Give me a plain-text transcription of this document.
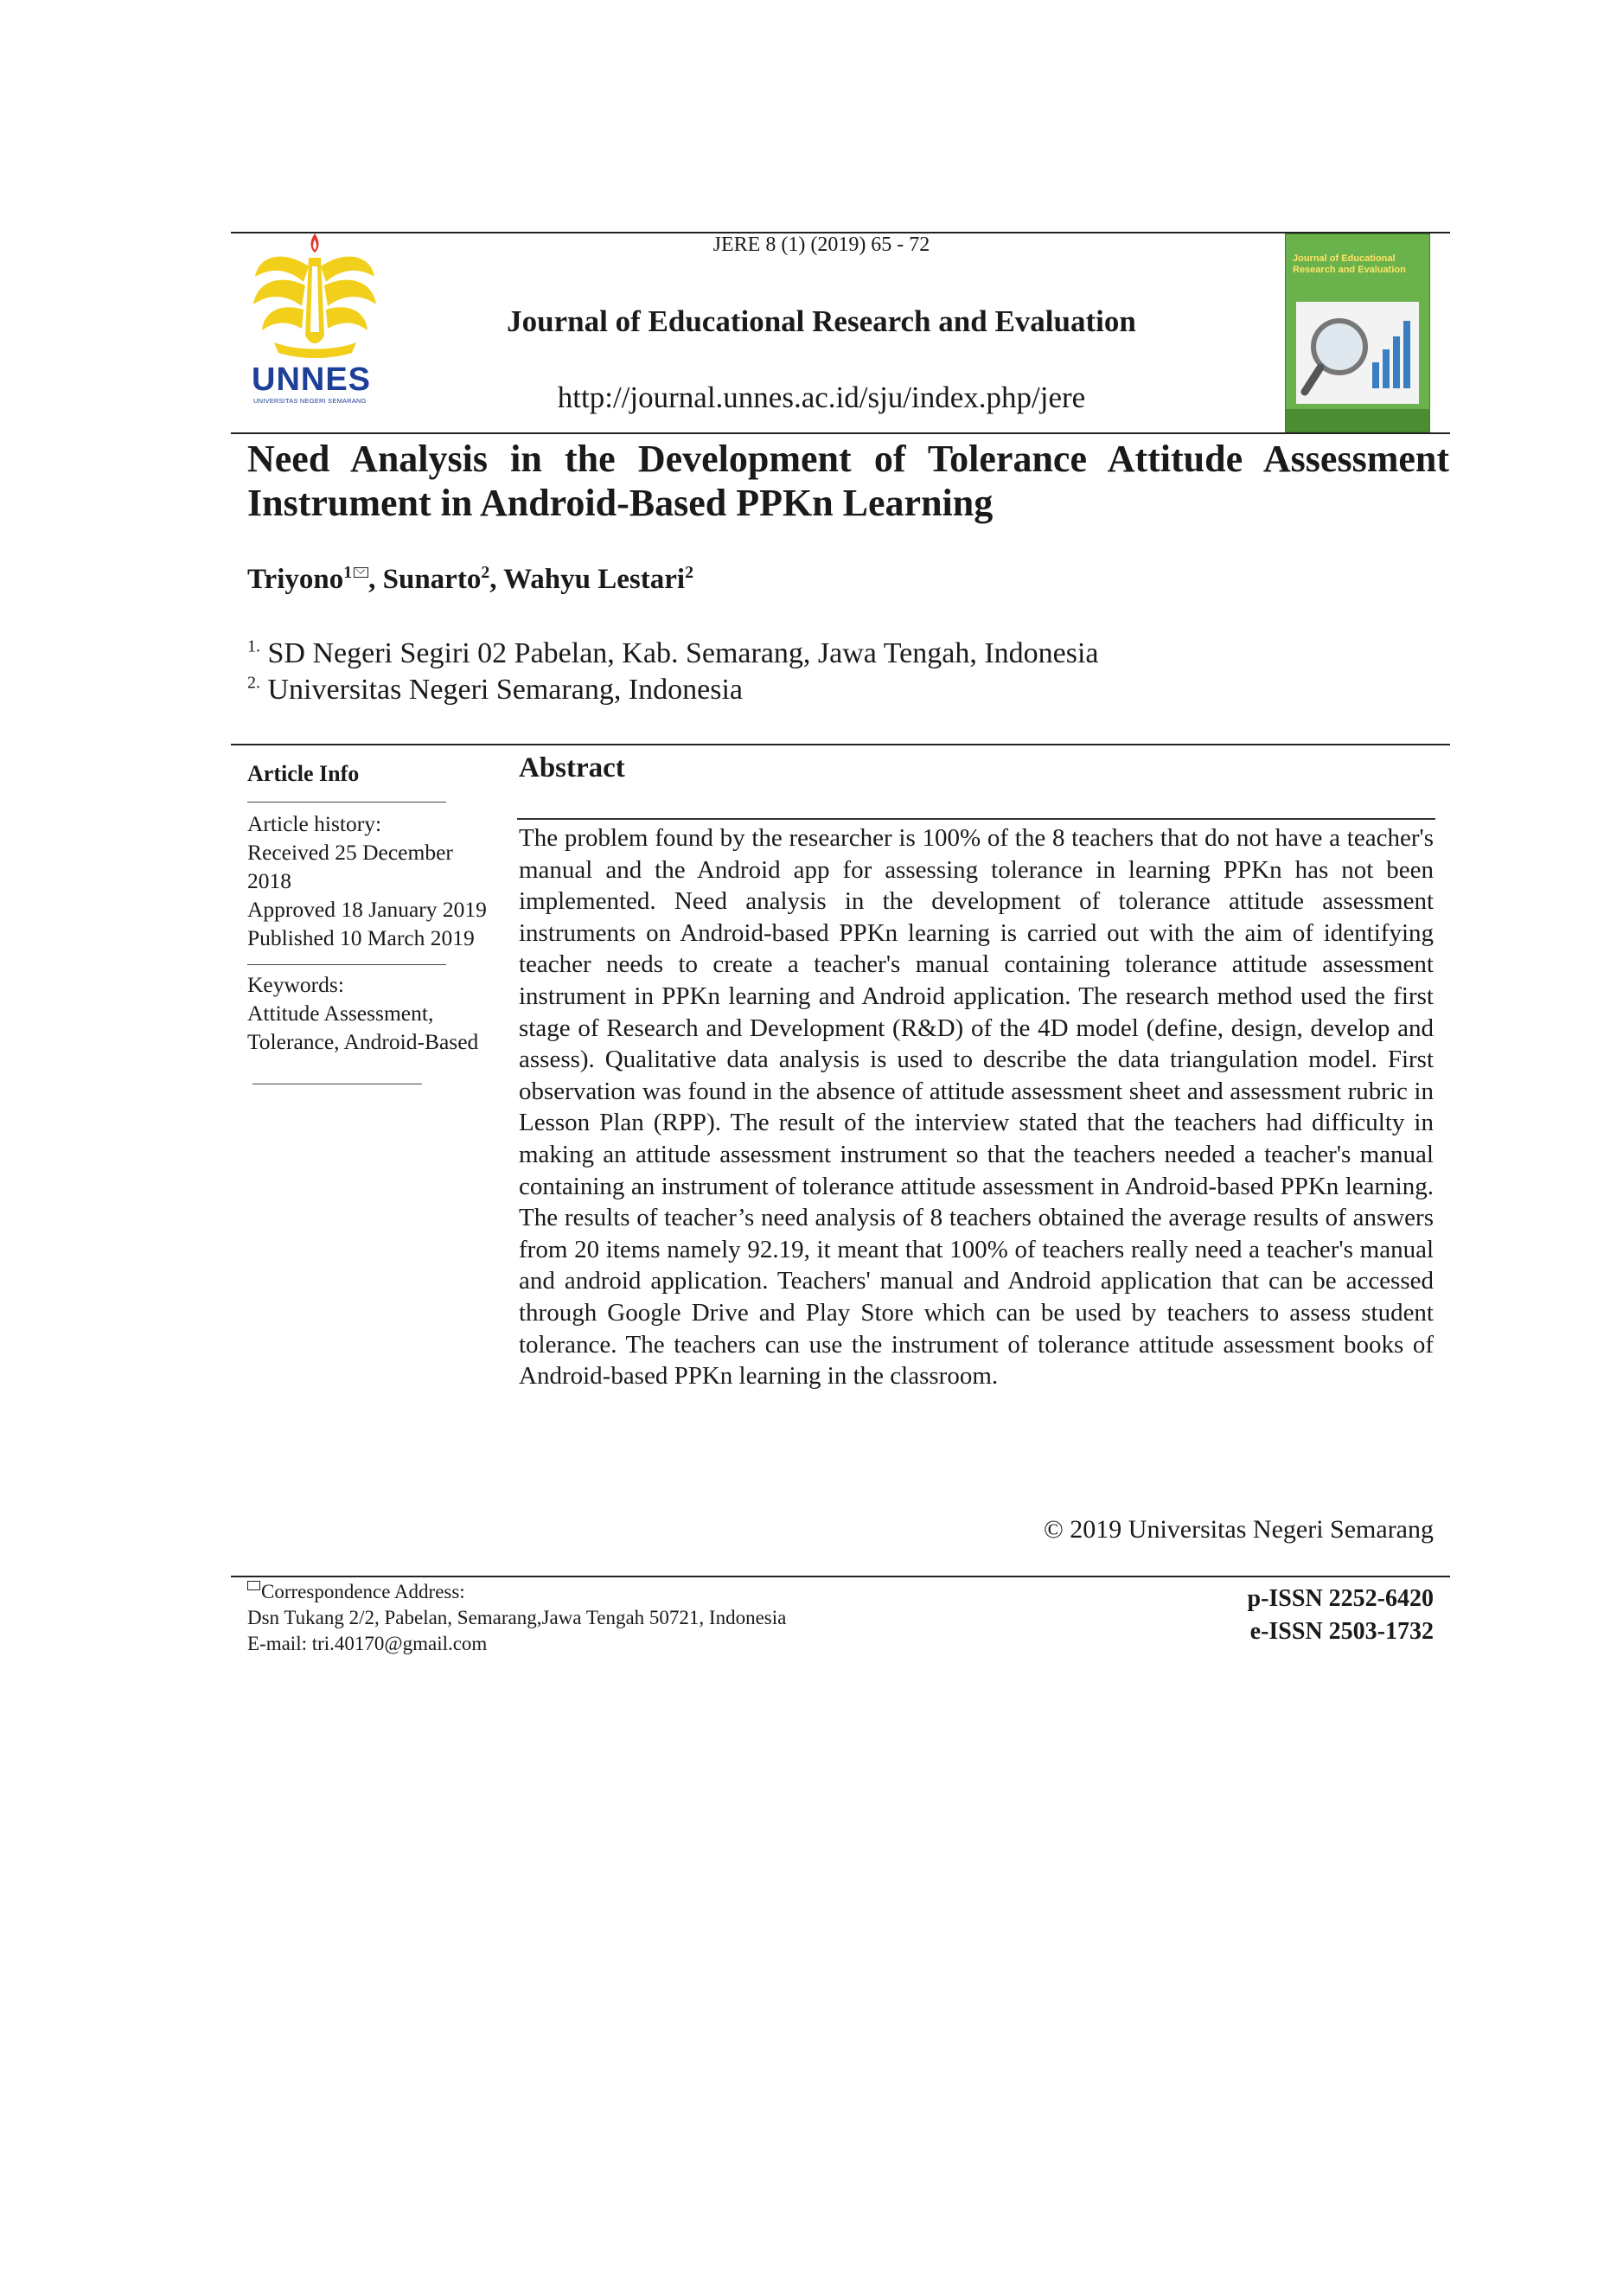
UNNES
UNIVERSITAS NEGERI SEMARANG
JERE 8 (1) (2019) 65 - 72
Journal of Educational Research and Evaluation
http://journal.unnes.ac.id/sju/index.php/jere
Journal of Educational Research and Evaluation
Need Analysis in the Development of Tolerance Attitude Assessment
Instrument in Android-Based PPKn Learning
Triyono$^1$ , Sunarto$^2$, Wahyu Lestari$^2$
$^{1.}$ SD Negeri Segiri 02 Pabelan, Kab. Semarang, Jawa Tengah, Indonesia
$^{2.}$ Universitas Negeri Semarang, Indonesia
Article Info
Article history:
Received 25 December 2018
Approved 18 January 2019
Published 10 March 2019
Keywords:
Attitude Assessment, Tolerance, Android-Based
Abstract
The problem found by the researcher is 100% of the 8 teachers that do not have a teacher's manual and the Android app for assessing tolerance in learning PPKn has not been implemented. Need analysis in the development of tolerance attitude assessment instruments on Android-based PPKn learning is carried out with the aim of identifying teacher needs to create a teacher's manual containing tolerance attitude assessment instrument in PPKn learning and Android application. The research method used the first stage of Research and Development (R&D) of the 4D model (define, design, develop and assess). Qualitative data analysis is used to describe the data triangulation model. First observation was found in the absence of attitude assessment sheet and assessment rubric in Lesson Plan (RPP). The result of the interview stated that the teachers had difficulty in making an attitude assessment instrument so that the teachers needed a teacher's manual containing an instrument of tolerance attitude assessment in Android-based PPKn learning. The results of teacher’s need analysis of 8 teachers obtained the average results of answers from 20 items namely 92.19, it meant that 100% of teachers really need a teacher's manual and android application. Teachers' manual and Android application that can be accessed through Google Drive and Play Store which can be used by teachers to assess student tolerance. The teachers can use the instrument of tolerance attitude assessment books of Android-based PPKn learning in the classroom.
© 2019 Universitas Negeri Semarang
Correspondence Address:
Dsn Tukang 2/2, Pabelan, Semarang,Jawa Tengah 50721, Indonesia
E-mail: tri.40170@gmail.com
p-ISSN 2252-6420
e-ISSN 2503-1732
